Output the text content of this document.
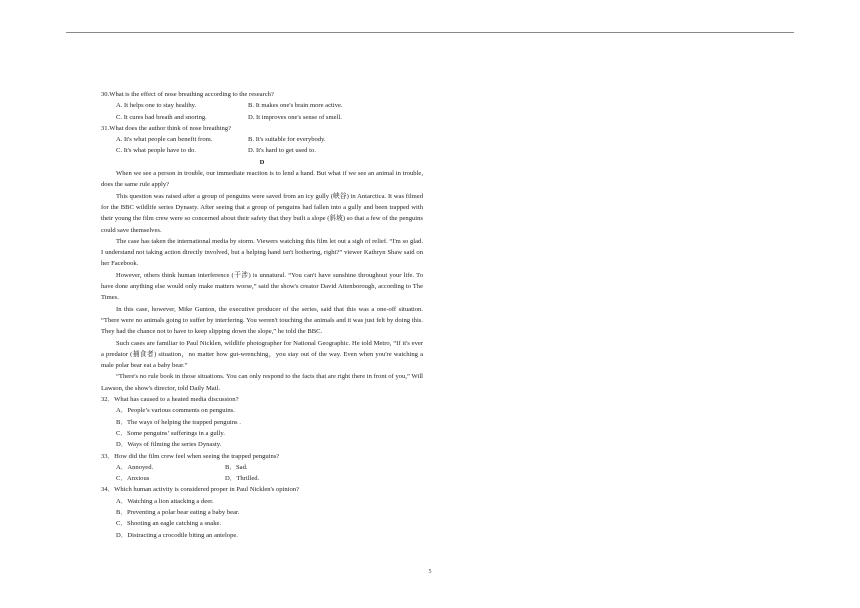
30.What is the effect of nose breathing according to the research?
A. It helps one to stay healthy.	B. It makes one's brain more active.
C. It cures bad breath and snoring.	D. It improves one's sense of smell.
31.What does the author think of nose breathing?
A. It's what people can benefit from.	B. It's suitable for everybody.
C. It's what people have to do.	D. It's hard to get used to.
D

When we see a person in trouble, our immediate reaction is to lend a hand. But what if we see an animal in trouble, does the same rule apply?

This question was raised after a group of penguins were saved from an icy gully (峡谷) in Antarctica. It was filmed for the BBC wildlife series Dynasty. After seeing that a group of penguins had fallen into a gully and been trapped with their young the film crew were so concerned about their safety that they built a slope (斜坡) so that a few of the penguins could save themselves.

The case has taken the international media by storm. Viewers watching this film let out a sigh of relief. “I'm so glad. I understand not taking action directly involved, but a helping hand isn't bothering, right?” viewer Kathryn Shaw said on her Facebook.

However, others think human interference (干涉) is unnatural. “You can't have sunshine throughout your life. To have done anything else would only make matters worse,” said the show's creator David Attenborough, according to The Times.

In this case, however, Mike Gunton, the executive producer of the series, said that this was a one-off situation. “There were no animals going to suffer by interfering. You weren't touching the animals and it was just felt by doing this. They had the chance not to have to keep slipping down the slope,” he told the BBC.

Such cases are familiar to Paul Nicklen, wildlife photographer for National Geographic. He told Metro, “If it's ever a predator (捕食者) situation，no matter how gut-wrenching，you stay out of the way. Even when you're watching a male polar bear eat a baby bear.”

“There's no rule book in those situations. You can only respond to the facts that are right there in front of you,” Will Lawson, the show's director, told Daily Mail.

32．What has caused to a heated media discussion?
A．People’s various comments on penguins.
B．The ways of helping the trapped penguins .
C．Some penguins’ sufferings in a gully.
D．Ways of filming the series Dynasty.
33．How did the film crew feel when seeing the trapped penguins?
A．Annoyed.	B．Sad.
C．Anxious	D．Thrilled.
34．Which human activity is considered proper in Paul Nicklen's opinion?
A．Watching a lion attacking a deer.
B．Preventing a polar bear eating a baby bear.
C．Shooting an eagle catching a snake.
D．Distracting a crocodile biting an antelope.
5
